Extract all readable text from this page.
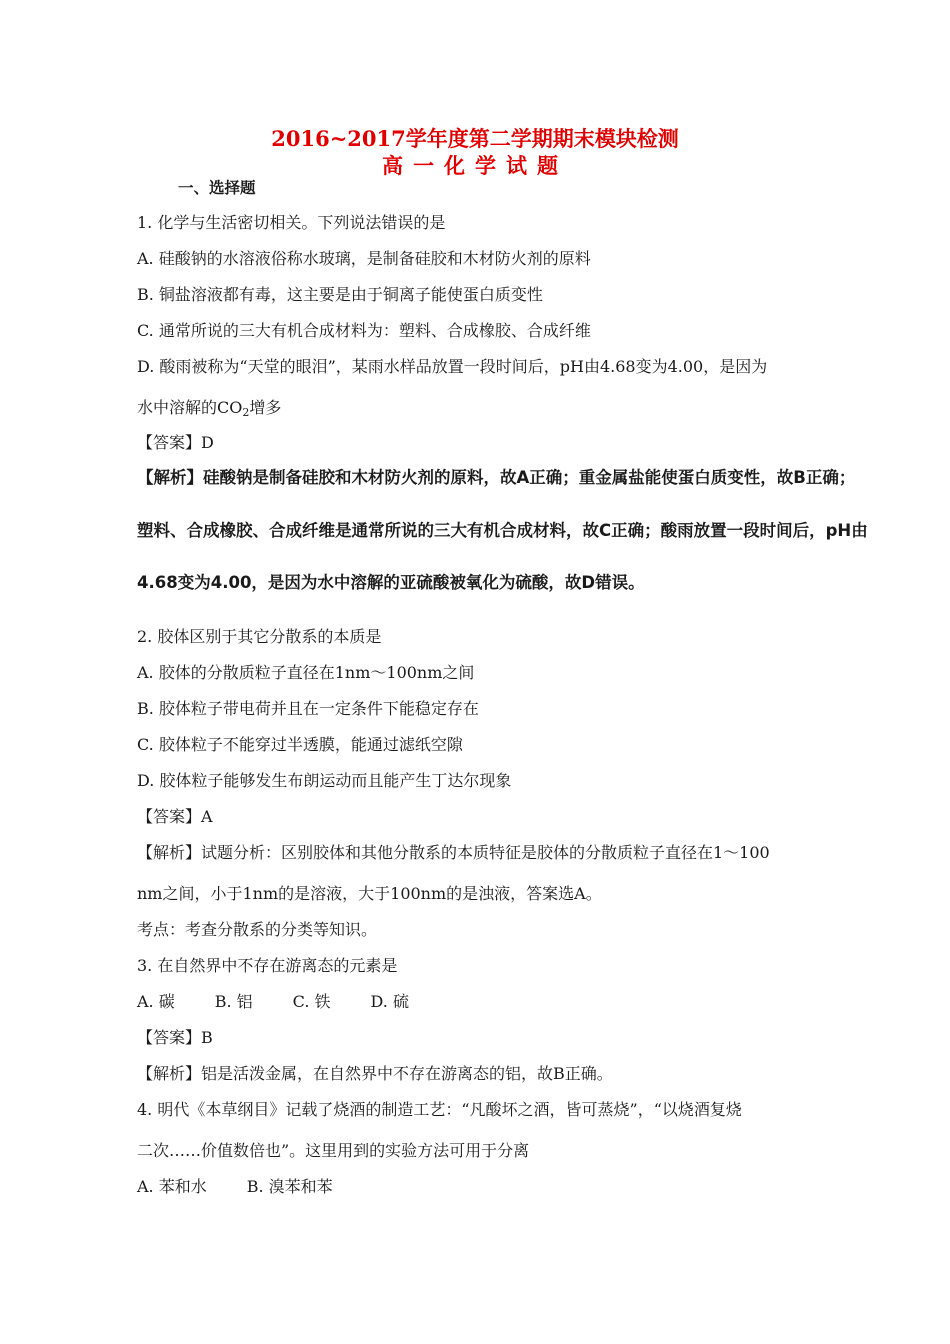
2016~2017学年度第二学期期末模块检测
高一化学试题
一、选择题
1. 化学与生活密切相关。下列说法错误的是
A. 硅酸钠的水溶液俗称水玻璃，是制备硅胶和木材防火剂的原料
B. 铜盐溶液都有毒，这主要是由于铜离子能使蛋白质变性
C. 通常所说的三大有机合成材料为：塑料、合成橡胶、合成纤维
D. 酸雨被称为“天堂的眼泪”，某雨水样品放置一段时间后，pH由4.68变为4.00，是因为
水中溶解的$CO_2$增多
【答案】D
【解析】硅酸钠是制备硅胶和木材防火剂的原料，故A正确；重金属盐能使蛋白质变性，故B正确；
塑料、合成橡胶、合成纤维是通常所说的三大有机合成材料，故C正确；酸雨放置一段时间后，pH由
4.68变为4.00，是因为水中溶解的亚硫酸被氧化为硫酸，故D错误。
2. 胶体区别于其它分散系的本质是
A. 胶体的分散质粒子直径在1nm～100nm之间
B. 胶体粒子带电荷并且在一定条件下能稳定存在
C. 胶体粒子不能穿过半透膜，能通过滤纸空隙
D. 胶体粒子能够发生布朗运动而且能产生丁达尔现象
【答案】A
【解析】试题分析：区别胶体和其他分散系的本质特征是胶体的分散质粒子直径在1～100
nm之间，小于1nm的是溶液，大于100nm的是浊液，答案选A。
考点：考查分散系的分类等知识。
3. 在自然界中不存在游离态的元素是
A. 碳	B. 铝	C. 铁	D. 硫
【答案】B
【解析】铝是活泼金属，在自然界中不存在游离态的铝，故B正确。
4. 明代《本草纲目》记载了烧酒的制造工艺：“凡酸坏之酒，皆可蒸烧”，“以烧酒复烧
二次……价值数倍也”。这里用到的实验方法可用于分离
A. 苯和水	B. 溴苯和苯
